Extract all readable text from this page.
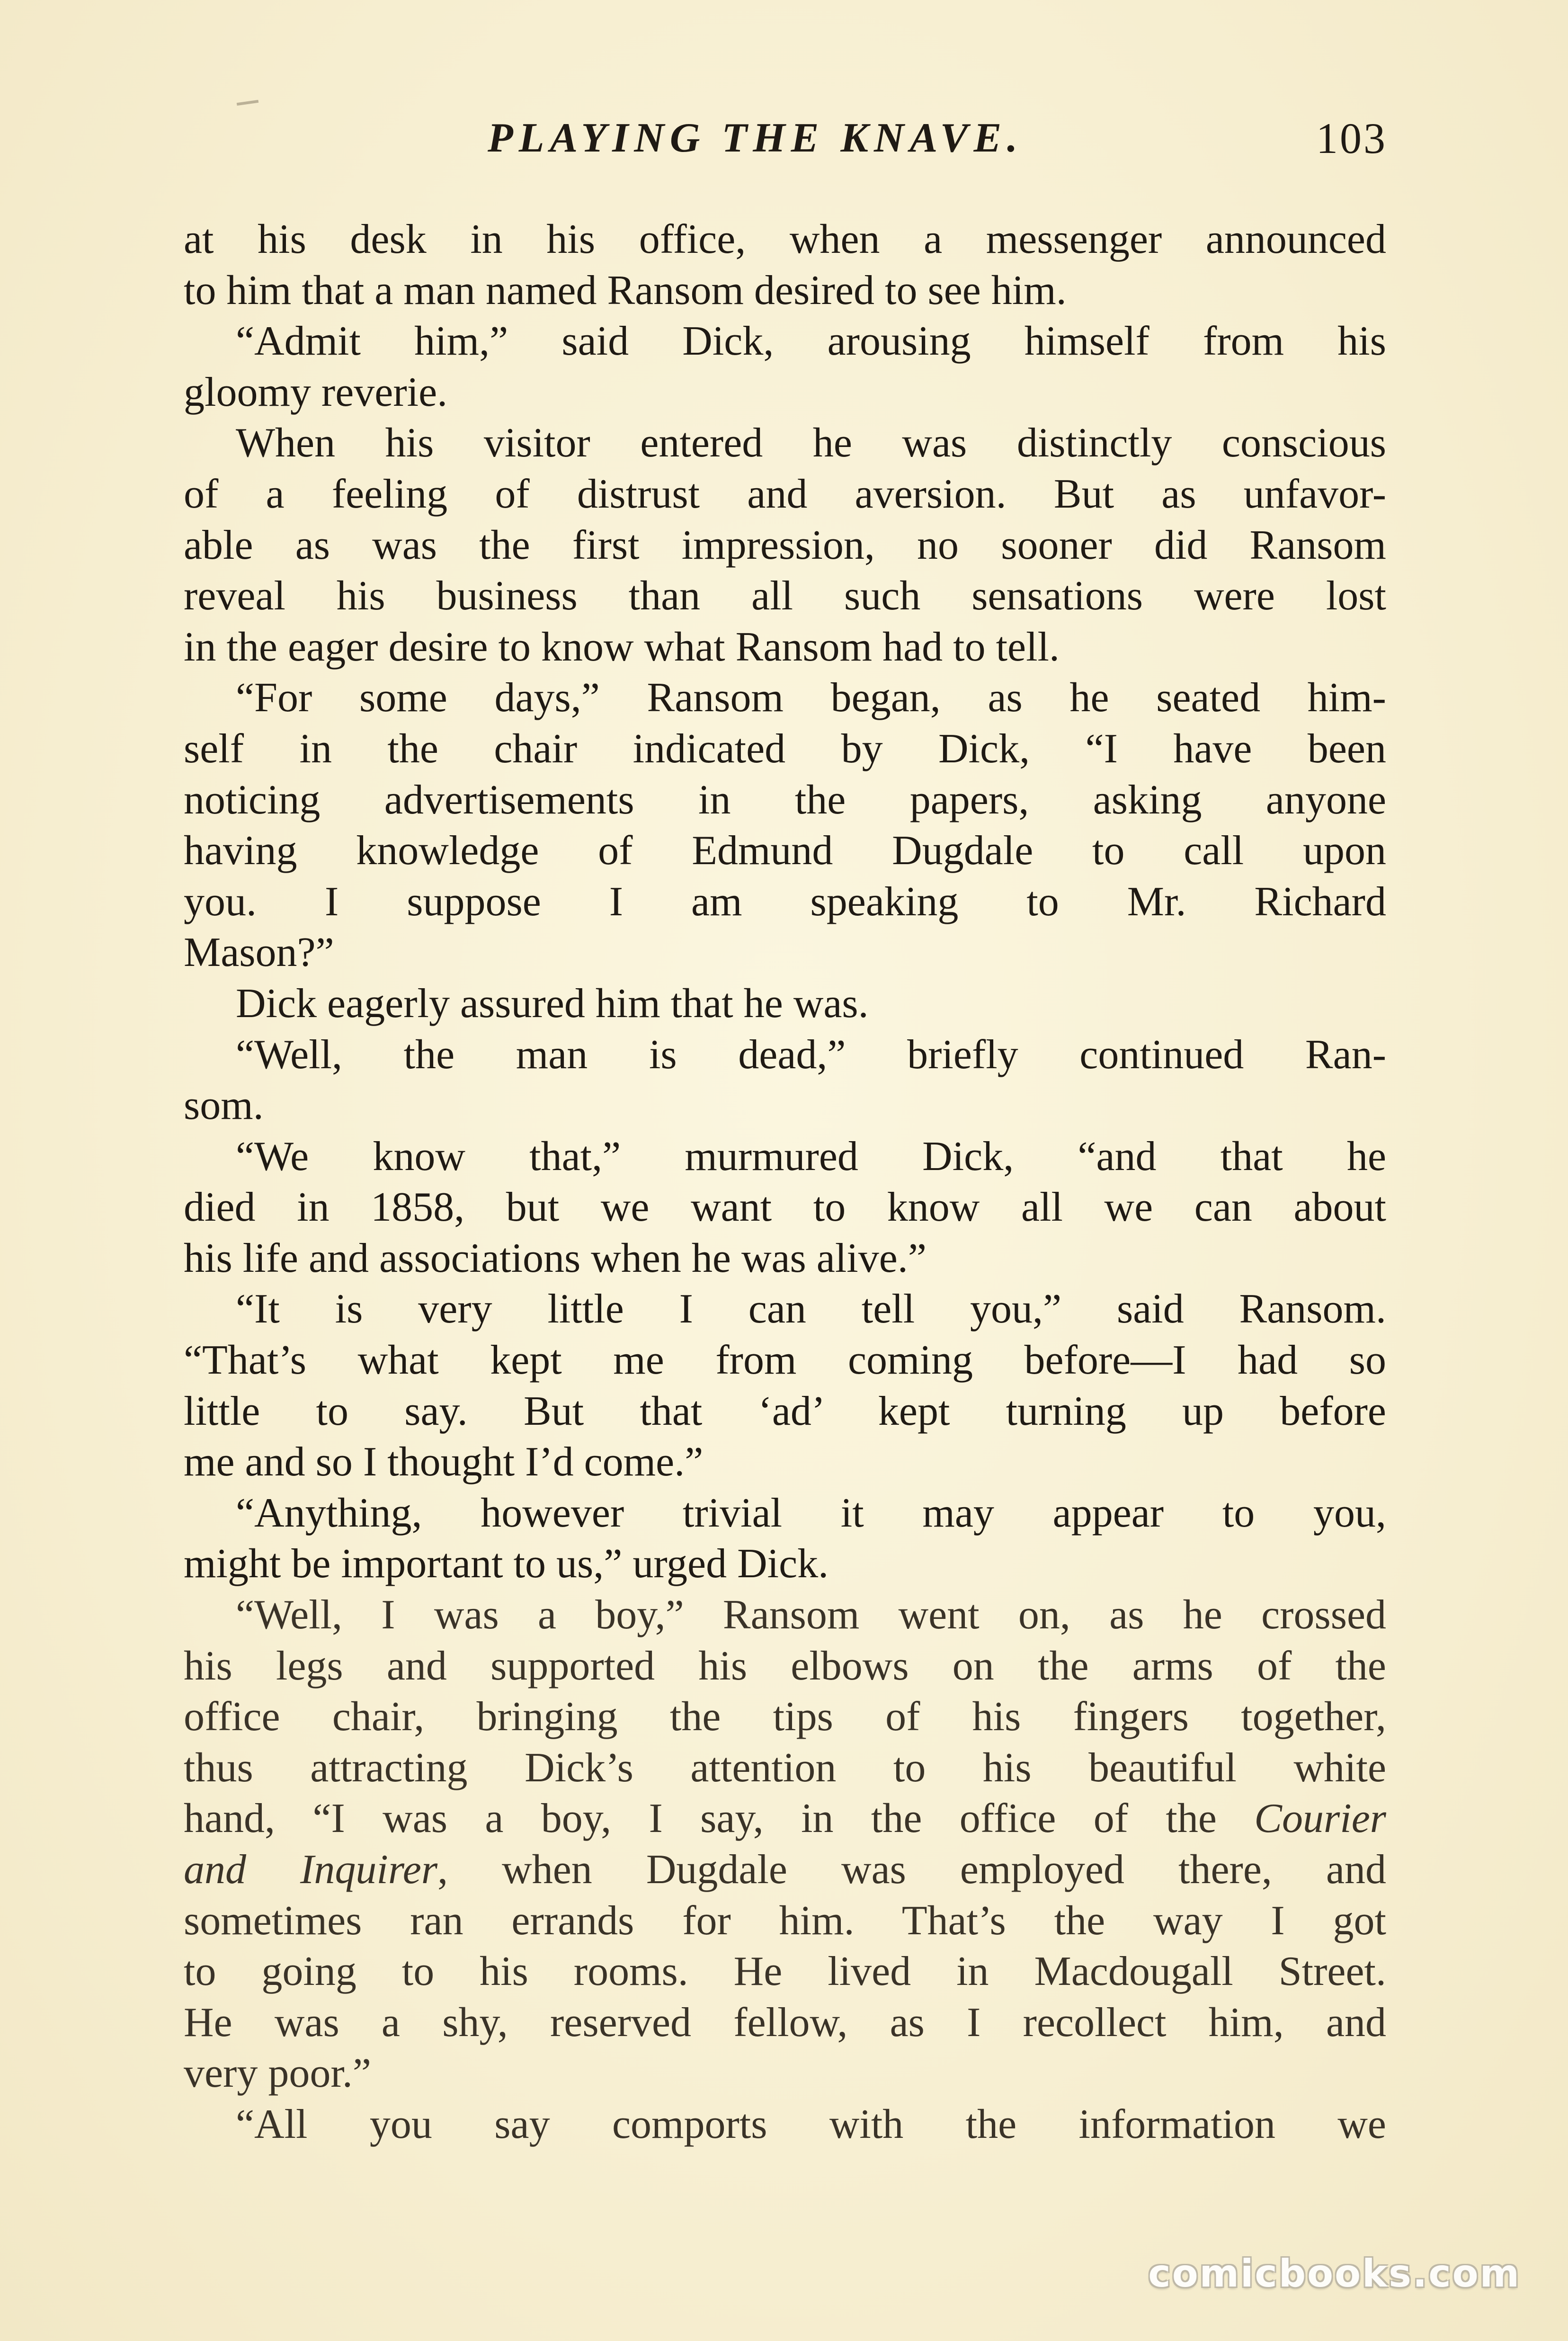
PLAYING THE KNAVE.	103
at his desk in his office, when a messenger announced
to him that a man named Ransom desired to see him.
“Admit him,” said Dick, arousing himself from his
gloomy reverie.
When his visitor entered he was distinctly conscious
of a feeling of distrust and aversion. But as unfavor-
able as was the first impression, no sooner did Ransom
reveal his business than all such sensations were lost
in the eager desire to know what Ransom had to tell.
“For some days,” Ransom began, as he seated him-
self in the chair indicated by Dick, “I have been
noticing advertisements in the papers, asking anyone
having knowledge of Edmund Dugdale to call upon
you. I suppose I am speaking to Mr. Richard
Mason?”
Dick eagerly assured him that he was.
“Well, the man is dead,” briefly continued Ran-
som.
“We know that,” murmured Dick, “and that he
died in 1858, but we want to know all we can about
his life and associations when he was alive.”
“It is very little I can tell you,” said Ransom.
“That’s what kept me from coming before—I had so
little to say. But that ‘ad’ kept turning up before
me and so I thought I’d come.”
“Anything, however trivial it may appear to you,
might be important to us,” urged Dick.
“Well, I was a boy,” Ransom went on, as he crossed
his legs and supported his elbows on the arms of the
office chair, bringing the tips of his fingers together,
thus attracting Dick’s attention to his beautiful white
hand, “I was a boy, I say, in the office of the Courier
and Inquirer, when Dugdale was employed there, and
sometimes ran errands for him. That’s the way I got
to going to his rooms. He lived in Macdougall Street.
He was a shy, reserved fellow, as I recollect him, and
very poor.”
“All you say comports with the information we
comicbooks.com
